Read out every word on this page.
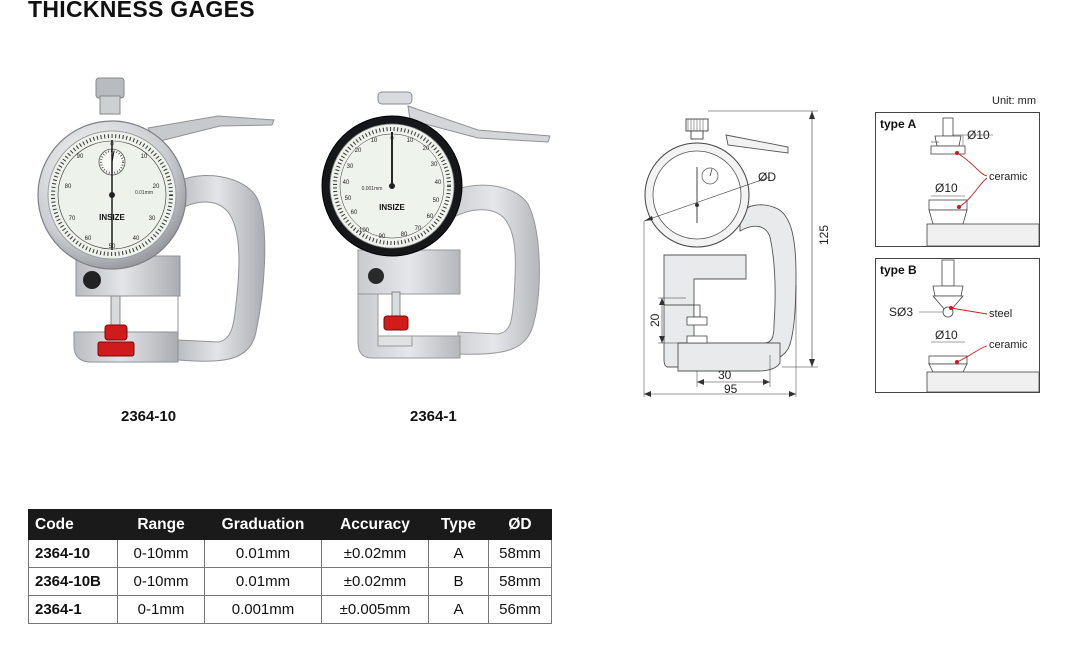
THICKNESS GAGES
INSIZE
0.01mm
0
10
20
30
40
50
60
70
80
90
2364-10
INSIZE
0.001mm
0 10
20
30
40
50
60
70
80
90
100
10
20
30
40
50
60
2364-1
ØD
125
20
30
95
Unit: mm
type A
Ø10
Ø10
ceramic
type B
SØ3	steel
Ø10
ceramic
Code	Range	Graduation	Accuracy	Type	ØD
2364-10	0-10mm	0.01mm	±0.02mm	A	58mm
2364-10B	0-10mm	0.01mm	±0.02mm	B	58mm
2364-1	0-1mm	0.001mm	±0.005mm	A	56mm
